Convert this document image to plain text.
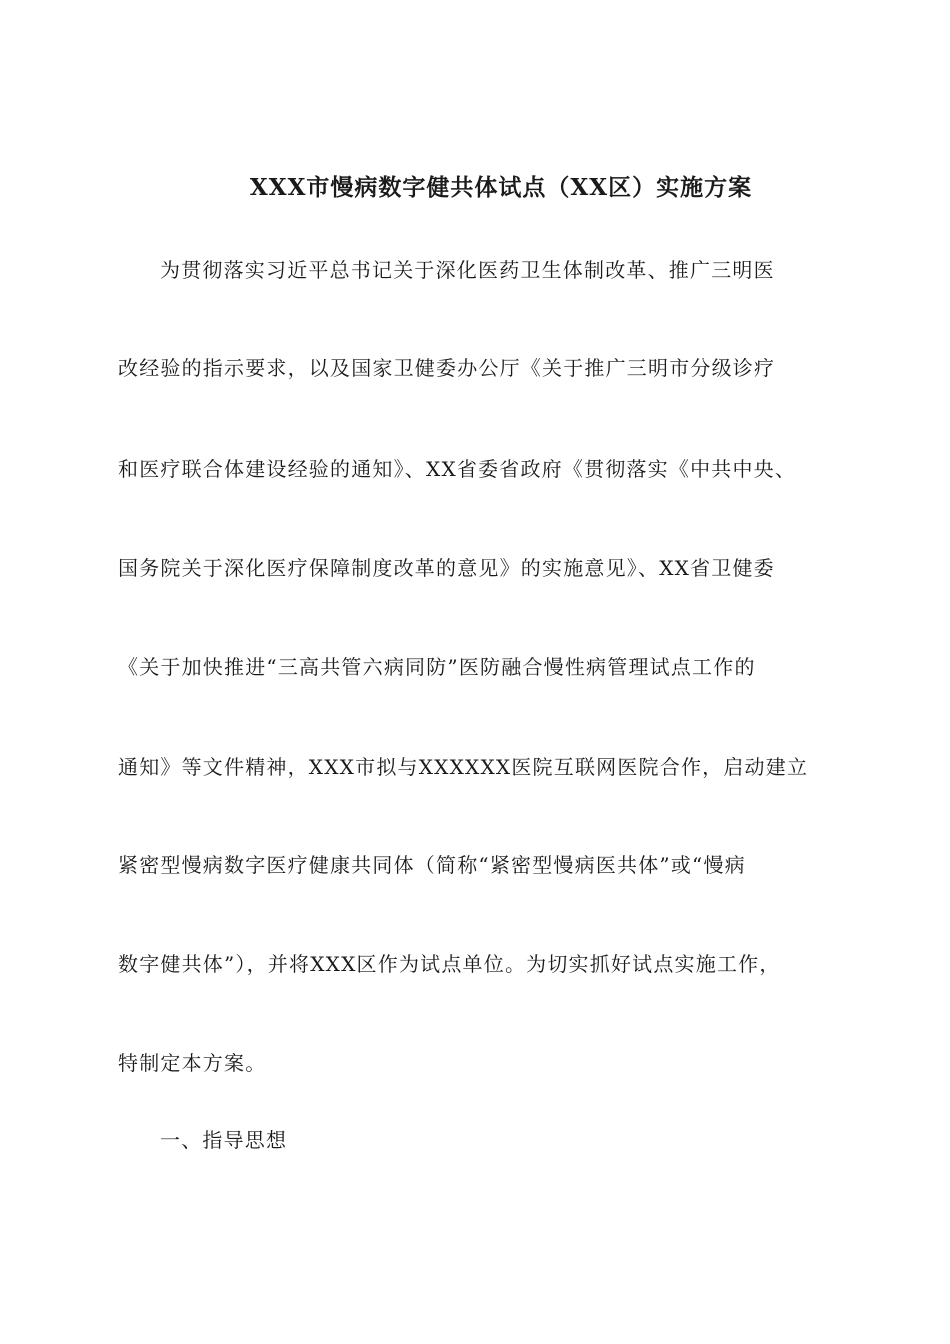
XXX市慢病数字健共体试点（XX区）实施方案
为贯彻落实习近平总书记关于深化医药卫生体制改革、推广三明医
改经验的指示要求，以及国家卫健委办公厅《关于推广三明市分级诊疗
和医疗联合体建设经验的通知》、XX省委省政府《贯彻落实《中共中央、
国务院关于深化医疗保障制度改革的意见》的实施意见》、XX省卫健委
《关于加快推进“三高共管六病同防”医防融合慢性病管理试点工作的
通知》等文件精神，XXX市拟与XXXXXX医院互联网医院合作，启动建立
紧密型慢病数字医疗健康共同体（简称“紧密型慢病医共体”或“慢病
数字健共体”），并将XXX区作为试点单位。为切实抓好试点实施工作，
特制定本方案。
一、指导思想
